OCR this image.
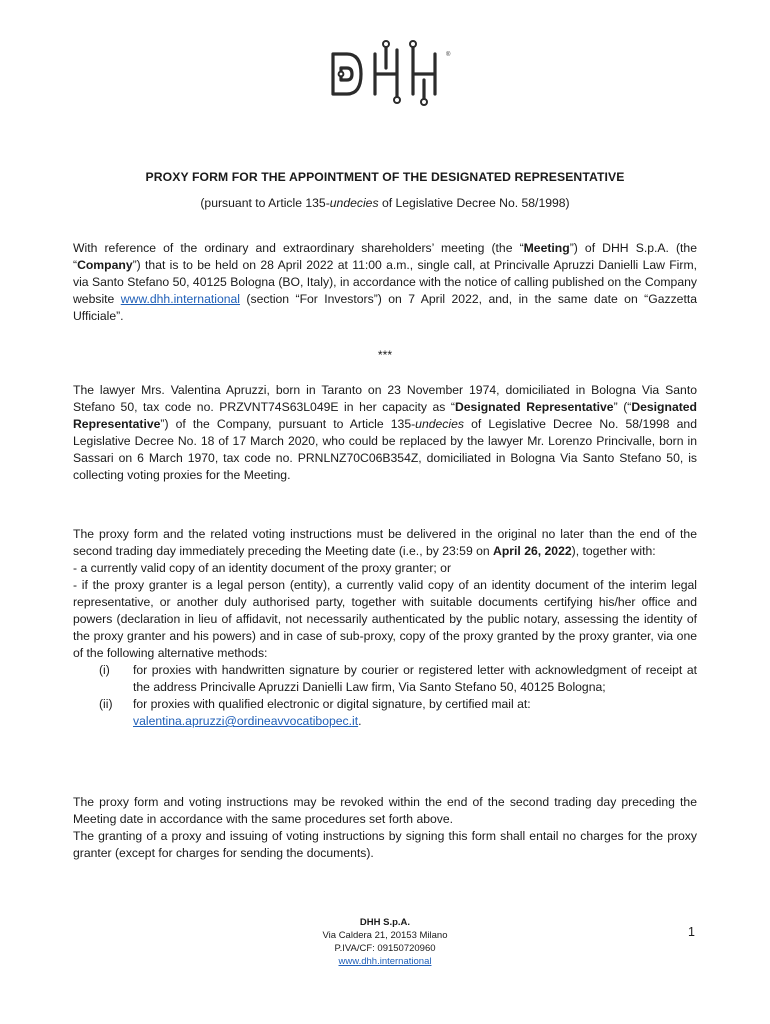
®
PROXY FORM FOR THE APPOINTMENT OF THE DESIGNATED REPRESENTATIVE
(pursuant to Article 135-undecies of Legislative Decree No. 58/1998)
With reference of the ordinary and extraordinary shareholders’ meeting (the “Meeting”) of DHH S.p.A. (the “Company”) that is to be held on 28 April 2022 at 11:00 a.m., single call, at Princivalle Apruzzi Danielli Law Firm, via Santo Stefano 50, 40125 Bologna (BO, Italy), in accordance with the notice of calling published on the Company website www.dhh.international (section “For Investors”) on 7 April 2022, and, in the same date on “Gazzetta Ufficiale”.
***
The lawyer Mrs. Valentina Apruzzi, born in Taranto on 23 November 1974, domiciliated in Bologna Via Santo Stefano 50, tax code no. PRZVNT74S63L049E in her capacity as “Designated Representative” (“Designated Representative”) of the Company, pursuant to Article 135-undecies of Legislative Decree No. 58/1998 and Legislative Decree No. 18 of 17 March 2020, who could be replaced by the lawyer Mr. Lorenzo Princivalle, born in Sassari on 6 March 1970, tax code no. PRNLNZ70C06B354Z, domiciliated in Bologna Via Santo Stefano 50, is collecting voting proxies for the Meeting.
The proxy form and the related voting instructions must be delivered in the original no later than the end of the second trading day immediately preceding the Meeting date (i.e., by 23:59 on April 26, 2022), together with:
- a currently valid copy of an identity document of the proxy granter; or
- if the proxy granter is a legal person (entity), a currently valid copy of an identity document of the interim legal representative, or another duly authorised party, together with suitable documents certifying his/her office and powers (declaration in lieu of affidavit, not necessarily authenticated by the public notary, assessing the identity of the proxy granter and his powers) and in case of sub-proxy, copy of the proxy granted by the proxy granter, via one of the following alternative methods:
(i)	for proxies with handwritten signature by courier or registered letter with acknowledgment of receipt at the address Princivalle Apruzzi Danielli Law firm, Via Santo Stefano 50, 40125 Bologna;
(ii)	for proxies with qualified electronic or digital signature, by certified mail at:
valentina.apruzzi@ordineavvocatibopec.it.
The proxy form and voting instructions may be revoked within the end of the second trading day preceding the Meeting date in accordance with the same procedures set forth above.
The granting of a proxy and issuing of voting instructions by signing this form shall entail no charges for the proxy granter (except for charges for sending the documents).
DHH S.p.A.
Via Caldera 21, 20153 Milano
P.IVA/CF: 09150720960
www.dhh.international
1
